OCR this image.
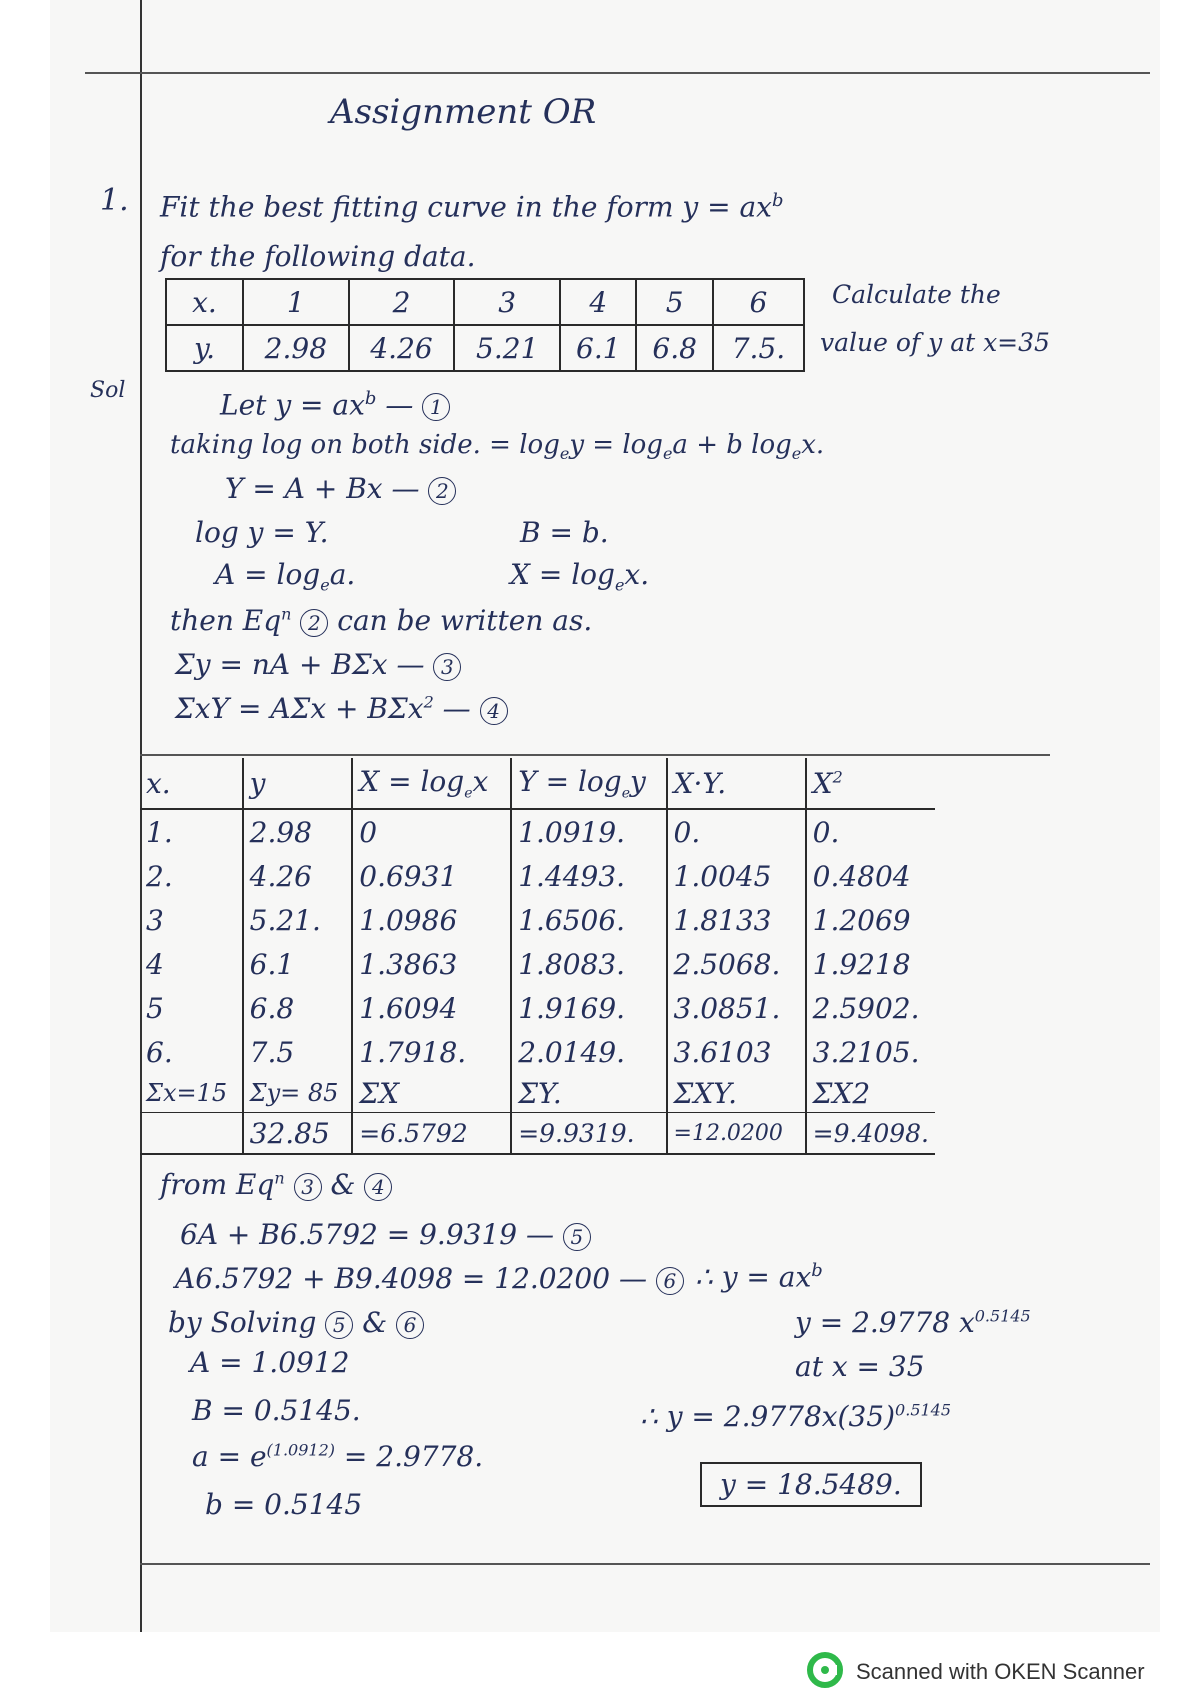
Assignment OR
1. Fit the best fitting curve in the form $y = ax^b$
for the following data.
x.	1	2	3	4	5	6
y.	2.98	4.26	5.21	6.1	6.8	7.5.
Calculate the
value of y at x=35
Sol	Let $y = ax^b$ — 1
taking log on both side. = $\log_ey = \log_ea + b$ $\log_ex$.
Y = A + Bx — 2
log y = Y.	B = b.
$A = \log_ea$.	$X = \log_ex$.
then Eq$^n$ 2 can be written as.
Σy = nA + BΣx — 3
ΣxY = AΣx + BΣx$^2$ — 4
x.	y	$X = \log_ex$	$Y = \log_ey$	X·Y.	$X^2$
1.	2.98	0	1.0919.	0.	0.
2.	4.26	0.6931	1.4493.	1.0045	0.4804
3	5.21.	1.0986	1.6506.	1.8133	1.2069
4	6.1	1.3863	1.8083.	2.5068.	1.9218
5	6.8	1.6094	1.9169.	3.0851.	2.5902.
6.	7.5	1.7918.	2.0149.	3.6103	3.2105.
Σx=15	Σy= 85	ΣX	ΣY.	ΣXY.	ΣX2
	32.85	=6.5792	=9.9319.	=12.0200	=9.4098.
from Eq$^n$ 3 & 4
6A + B6.5792 = 9.9319 — 5
A6.5792 + B9.4098 = 12.0200 — 6
by Solving 5 & 6
A = 1.0912
B = 0.5145.
$a = e^{(1.0912)} = 2.9778$.
b = 0.5145
∴ $y = ax^b$
y = 2.9778 $x^{0.5145}$
at x = 35
∴ $y = 2.9778x(35)^{0.5145}$
y = 18.5489.
Scanned with OKEN Scanner
